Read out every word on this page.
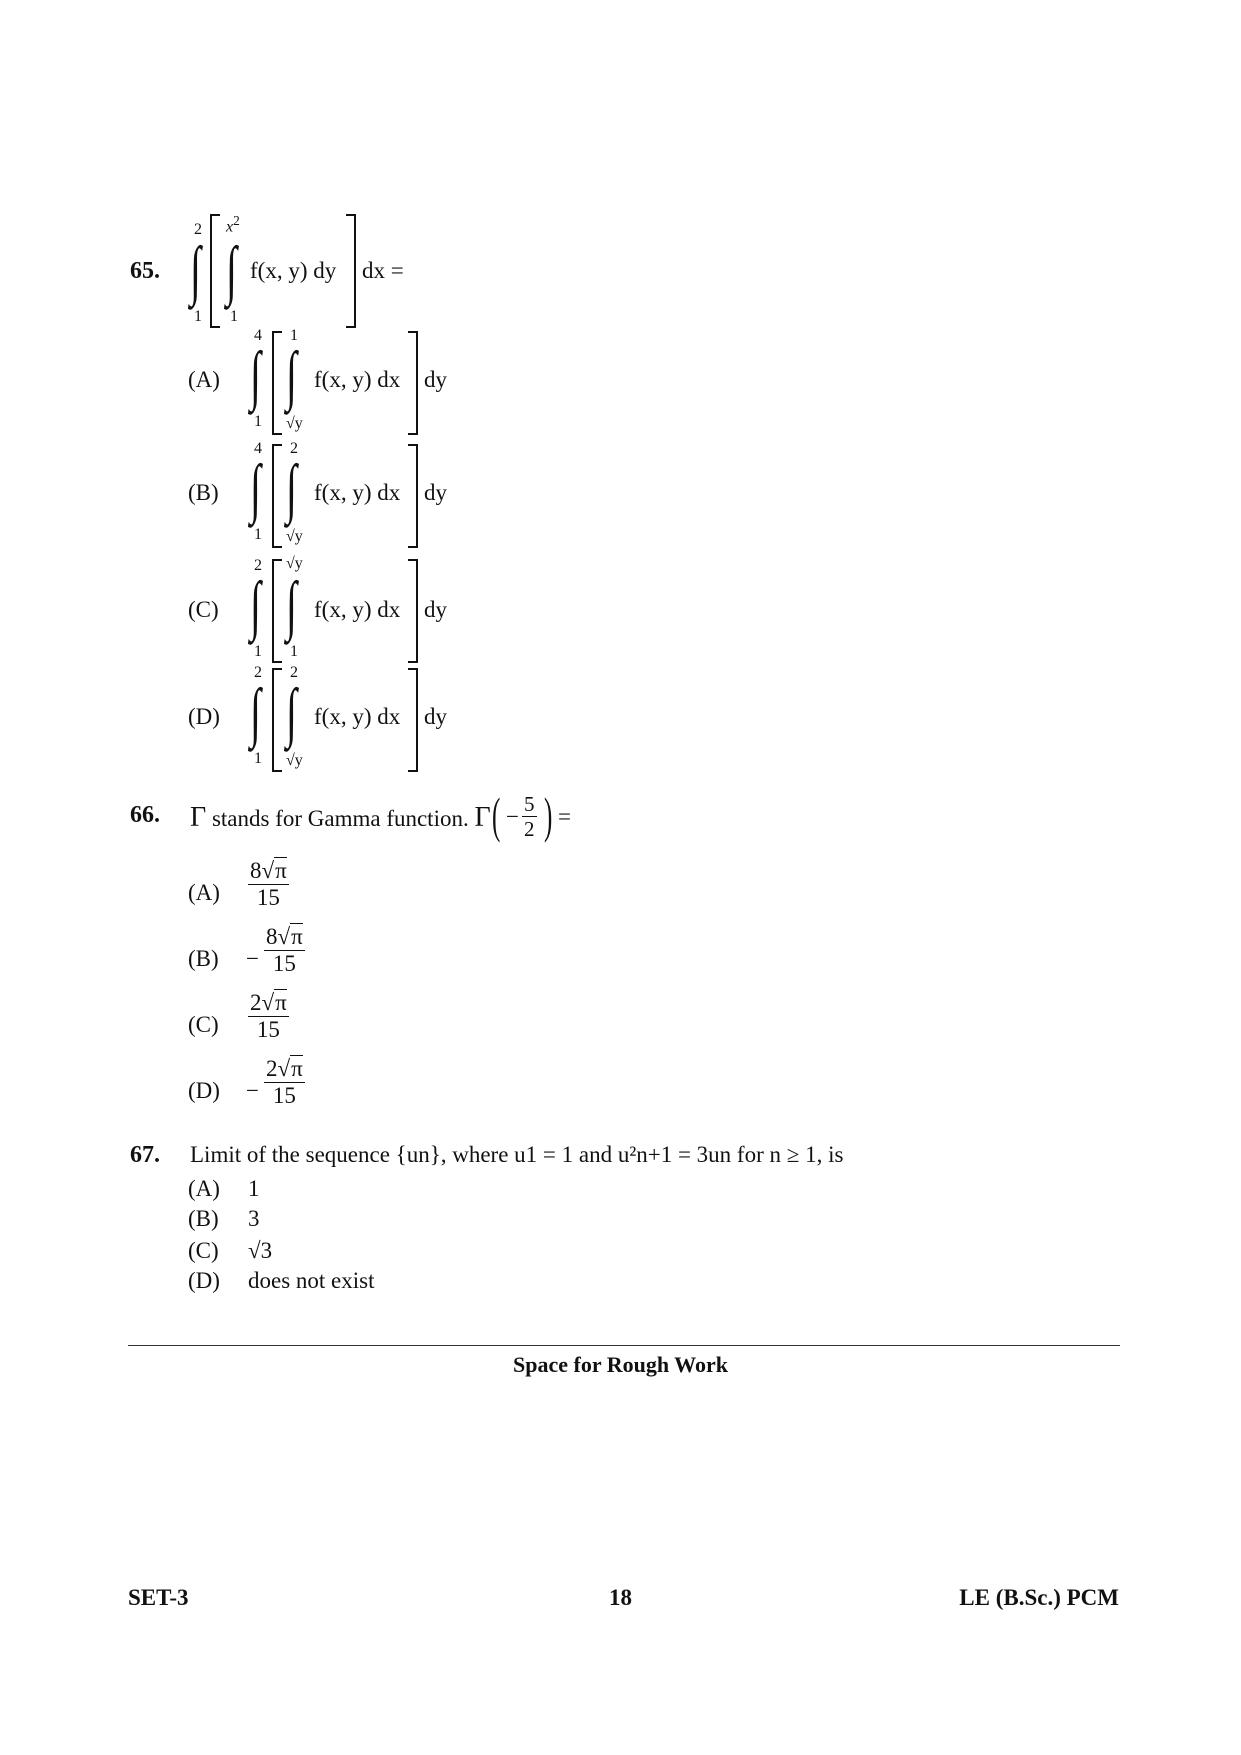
65.
2
∫
1
$x^2$
∫
1
f(x, y) dy dx =
(A)
4
∫
1
1
∫
√y
f(x, y) dx dy
(B)
4
∫
1
2
∫
√y
f(x, y) dx dy
(C)
2
∫
1
√y
∫
1
f(x, y) dx dy
(D)
2
∫
1
2
∫
√y
f(x, y) dx dy
66. Γ stands for Gamma function. Γ ( − $\frac{5}{2}$ ) =
$(A) \frac{8√\pi}{15}$
$(B) - \frac{8√\pi}{15}$
$(C) \frac{2√\pi}{15}$
$(D) - \frac{2√\pi}{15}$
67. Limit of the sequence {un}, where u1 = 1 and u²n+1 = 3un for n ≥ 1, is
(A) 1
(B) 3
(C) √3
(D) does not exist
Space for Rough Work
SET-3	18	LE (B.Sc.) PCM
